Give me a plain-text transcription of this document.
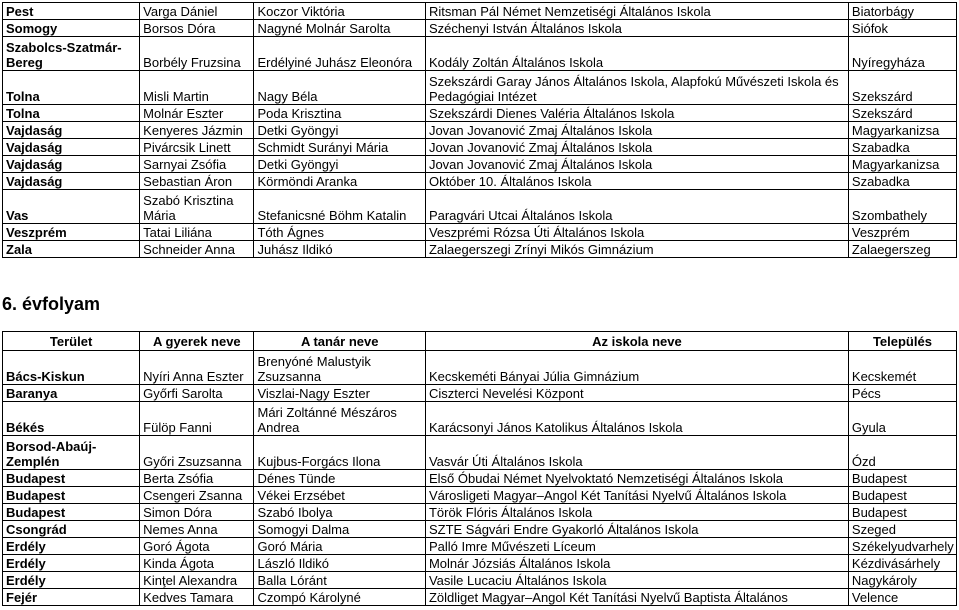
Pest	Varga Dániel	Koczor Viktória	Ritsman Pál Német Nemzetiségi Általános Iskola	Biatorbágy
Somogy	Borsos Dóra	Nagyné Molnár Sarolta	Széchenyi István Általános Iskola	Siófok
Szabolcs-Szatmár-Bereg	Borbély Fruzsina	Erdélyiné Juhász Eleonóra	Kodály Zoltán Általános Iskola	Nyíregyháza
Tolna	Misli Martin	Nagy Béla	Szekszárdi Garay János Általános Iskola, Alapfokú Művészeti Iskola és Pedagógiai Intézet	Szekszárd
Tolna	Molnár Eszter	Poda Krisztina	Szekszárdi Dienes Valéria Általános Iskola	Szekszárd
Vajdaság	Kenyeres Jázmin	Detki Gyöngyi	Jovan Jovanović Zmaj Általános Iskola	Magyarkanizsa
Vajdaság	Pivárcsik Linett	Schmidt Surányi Mária	Jovan Jovanović Zmaj Általános Iskola	Szabadka
Vajdaság	Sarnyai Zsófia	Detki Gyöngyi	Jovan Jovanović Zmaj Általános Iskola	Magyarkanizsa
Vajdaság	Sebastian Áron	Körmöndi Aranka	Október 10. Általános Iskola	Szabadka
Vas	Szabó Krisztina Mária	Stefanicsné Böhm Katalin	Paragvári Utcai Általános Iskola	Szombathely
Veszprém	Tatai Liliána	Tóth Ágnes	Veszprémi Rózsa Úti Általános Iskola	Veszprém
Zala	Schneider Anna	Juhász Ildikó	Zalaegerszegi Zrínyi Mikós Gimnázium	Zalaegerszeg
6. évfolyam
Terület	A gyerek neve	A tanár neve	Az iskola neve	Település
Bács-Kiskun	Nyíri Anna Eszter	Brenyóné Malustyik Zsuzsanna	Kecskeméti Bányai Júlia Gimnázium	Kecskemét
Baranya	Győrfi Sarolta	Viszlai-Nagy Eszter	Ciszterci Nevelési Központ	Pécs
Békés	Fülöp Fanni	Mári Zoltánné Mészáros Andrea	Karácsonyi János Katolikus Általános Iskola	Gyula
Borsod-Abaúj-Zemplén	Győri Zsuzsanna	Kujbus-Forgács Ilona	Vasvár Úti Általános Iskola	Ózd
Budapest	Berta Zsófia	Dénes Tünde	Első Óbudai Német Nyelvoktató Nemzetiségi Általános Iskola	Budapest
Budapest	Csengeri Zsanna	Vékei Erzsébet	Városligeti Magyar–Angol Két Tanítási Nyelvű Általános Iskola	Budapest
Budapest	Simon Dóra	Szabó Ibolya	Török Flóris Általános Iskola	Budapest
Csongrád	Nemes Anna	Somogyi Dalma	SZTE Ságvári Endre Gyakorló Általános Iskola	Szeged
Erdély	Goró Ágota	Goró Mária	Palló Imre Művészeti Líceum	Székelyudvarhely
Erdély	Kinda Ágota	László Ildikó	Molnár Józsiás Általános Iskola	Kézdivásárhely
Erdély	Kinţel Alexandra	Balla Lóránt	Vasile Lucaciu Általános Iskola	Nagykároly
Fejér	Kedves Tamara	Czompó Károlyné	Zöldliget Magyar–Angol Két Tanítási Nyelvű Baptista Általános	Velence
